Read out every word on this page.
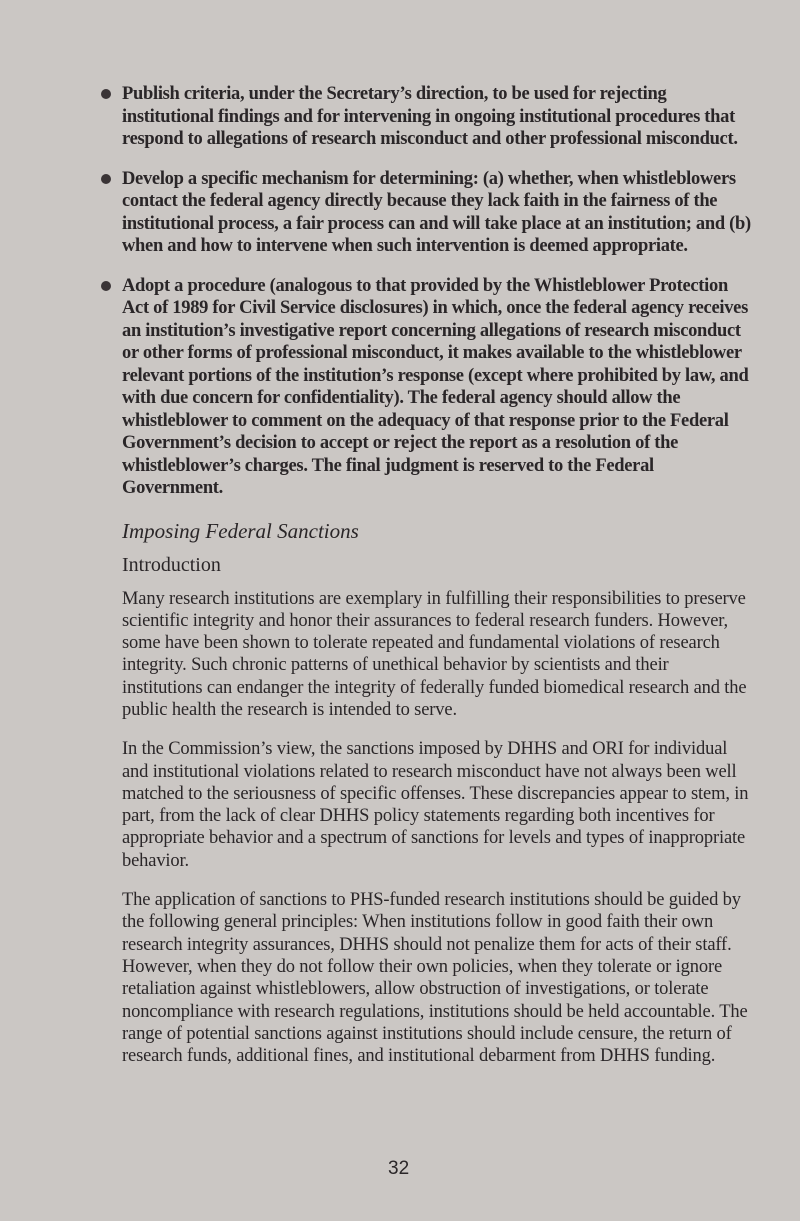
Publish criteria, under the Secretary’s direction, to be used for rejecting institutional findings and for intervening in ongoing institutional procedures that respond to allegations of research misconduct and other professional misconduct.
Develop a specific mechanism for determining: (a) whether, when whistleblowers contact the federal agency directly because they lack faith in the fairness of the institutional process, a fair process can and will take place at an institution; and (b) when and how to intervene when such intervention is deemed appropriate.
Adopt a procedure (analogous to that provided by the Whistleblower Protection Act of 1989 for Civil Service disclosures) in which, once the federal agency receives an institution’s investigative report concerning allegations of research misconduct or other forms of professional misconduct, it makes available to the whistleblower relevant portions of the institution’s response (except where prohibited by law, and with due concern for confidentiality). The federal agency should allow the whistleblower to comment on the adequacy of that response prior to the Federal Government’s decision to accept or reject the report as a resolution of the whistleblower’s charges. The final judgment is reserved to the Federal Government.
Imposing Federal Sanctions
Introduction
Many research institutions are exemplary in fulfilling their responsibilities to preserve scientific integrity and honor their assurances to federal research funders. However, some have been shown to tolerate repeated and fundamental violations of research integrity. Such chronic patterns of unethical behavior by scientists and their institutions can endanger the integrity of federally funded biomedical research and the public health the research is intended to serve.
In the Commission’s view, the sanctions imposed by DHHS and ORI for individual and institutional violations related to research misconduct have not always been well matched to the seriousness of specific offenses. These discrepancies appear to stem, in part, from the lack of clear DHHS policy statements regarding both incentives for appropriate behavior and a spectrum of sanctions for levels and types of inappropriate behavior.
The application of sanctions to PHS-funded research institutions should be guided by the following general principles: When institutions follow in good faith their own research integrity assurances, DHHS should not penalize them for acts of their staff. However, when they do not follow their own policies, when they tolerate or ignore retaliation against whistleblowers, allow obstruction of investigations, or tolerate noncompliance with research regulations, institutions should be held accountable. The range of potential sanctions against institutions should include censure, the return of research funds, additional fines, and institutional debarment from DHHS funding.
32
